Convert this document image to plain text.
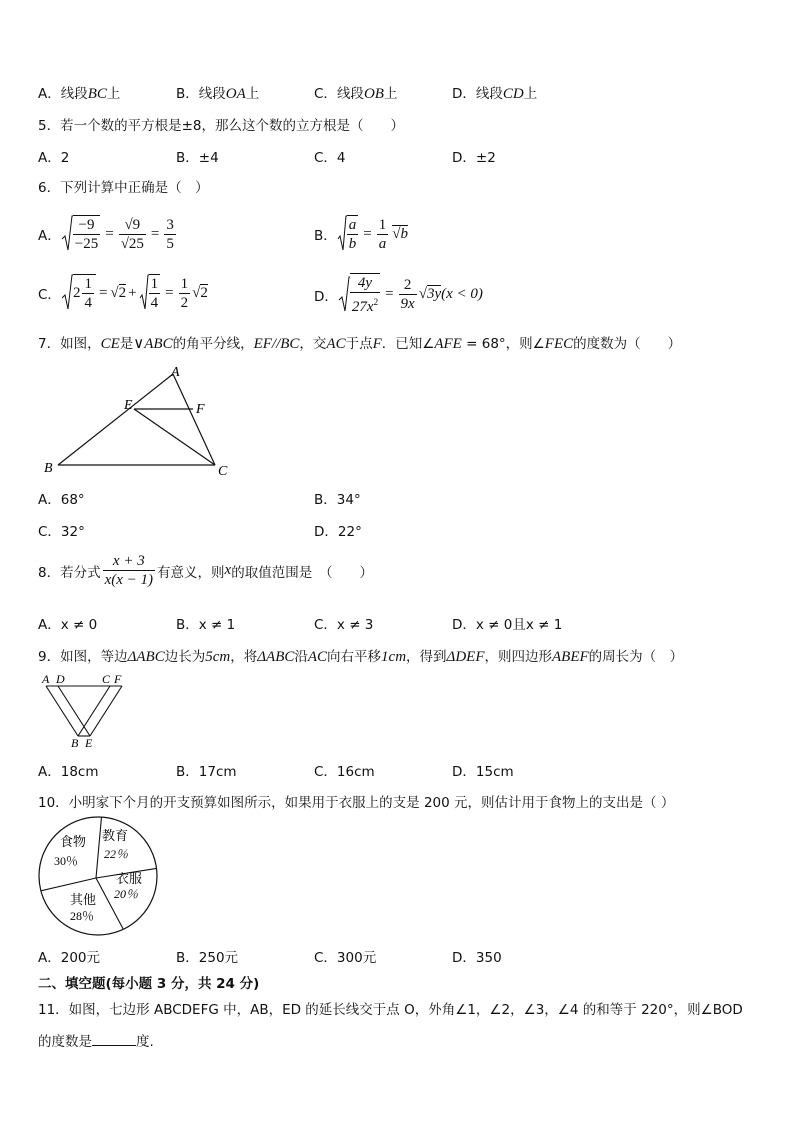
A．线段BC上	B．线段OA上	C．线段OB上	D．线段CD上
5．若一个数的平方根是±8，那么这个数的立方根是（　　）
A．2	B．±4	C．4	D．±2
6．下列计算中正确是（　）
A． $\frac{-9}{-25} = \frac{√9}{√25} = \frac{3}{5}$	B． $\frac{a}{b} = \frac{1}{a} √b$
C． $2 \frac{1}{4} = √2 + \frac{1}{4} = \frac{1}{2} √2$	D． $\frac{4y}{27x^2} = \frac{2}{9x} √3y$ (x < 0)
7．如图，CE是∨ABC的角平分线，EF//BC，交AC于点F．已知∠AFE = 68°，则∠FEC的度数为（　　）
A
E	F
B	C
A．68°	B．34°
C．32°	D．22°
8．若分式 $\frac{x + 3}{x(x - 1)}$ 有意义，则 x 的取值范围是　（　　）
A．x ≠ 0	B．x ≠ 1	C．x ≠ 3	D．x ≠ 0且x ≠ 1
9．如图，等边ΔABC边长为5cm，将ΔABC沿AC向右平移1cm，得到ΔDEF，则四边形ABEF的周长为（　）
A D	C F
B E
A．18cm	B．17cm	C．16cm	D．15cm
10．小明家下个月的开支预算如图所示，如果用于衣服上的支是 200 元，则估计用于食物上的支出是（ ）
食物
30％
教育
22％
衣服
20％
其他
28％
A．200元	B．250元	C．300元	D．350
二、填空题(每小题 3 分，共 24 分)
11．如图，七边形 ABCDEFG 中，AB，ED 的延长线交于点 O，外角∠1，∠2，∠3，∠4 的和等于 220°，则∠BOD
的度数是	度.
